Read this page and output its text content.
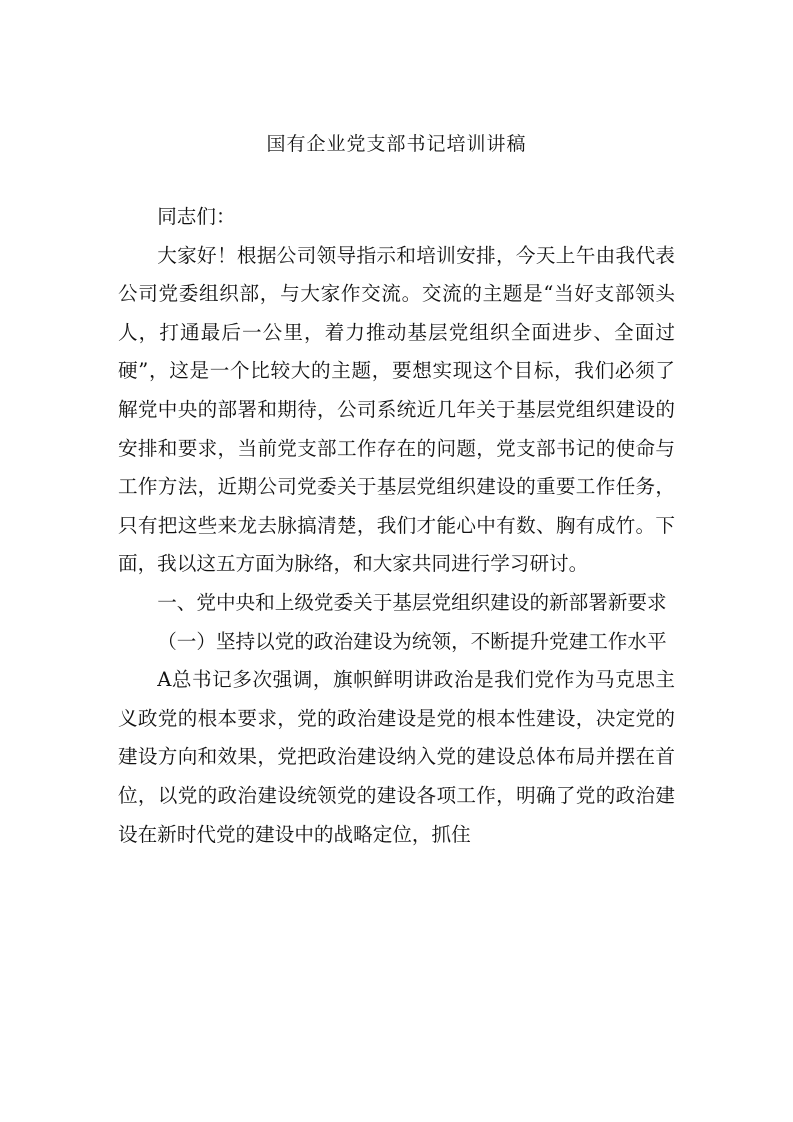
国有企业党支部书记培训讲稿

同志们：

大家好！根据公司领导指示和培训安排，今天上午由我代表公司党委组织部，与大家作交流。交流的主题是“当好支部领头人，打通最后一公里，着力推动基层党组织全面进步、全面过硬”，这是一个比较大的主题，要想实现这个目标，我们必须了解党中央的部署和期待，公司系统近几年关于基层党组织建设的安排和要求，当前党支部工作存在的问题，党支部书记的使命与工作方法，近期公司党委关于基层党组织建设的重要工作任务，只有把这些来龙去脉搞清楚，我们才能心中有数、胸有成竹。下面，我以这五方面为脉络，和大家共同进行学习研讨。

一、党中央和上级党委关于基层党组织建设的新部署新要求

（一）坚持以党的政治建设为统领，不断提升党建工作水平

A总书记多次强调，旗帜鲜明讲政治是我们党作为马克思主义政党的根本要求，党的政治建设是党的根本性建设，决定党的建设方向和效果，党把政治建设纳入党的建设总体布局并摆在首位，以党的政治建设统领党的建设各项工作，明确了党的政治建设在新时代党的建设中的战略定位，抓住
